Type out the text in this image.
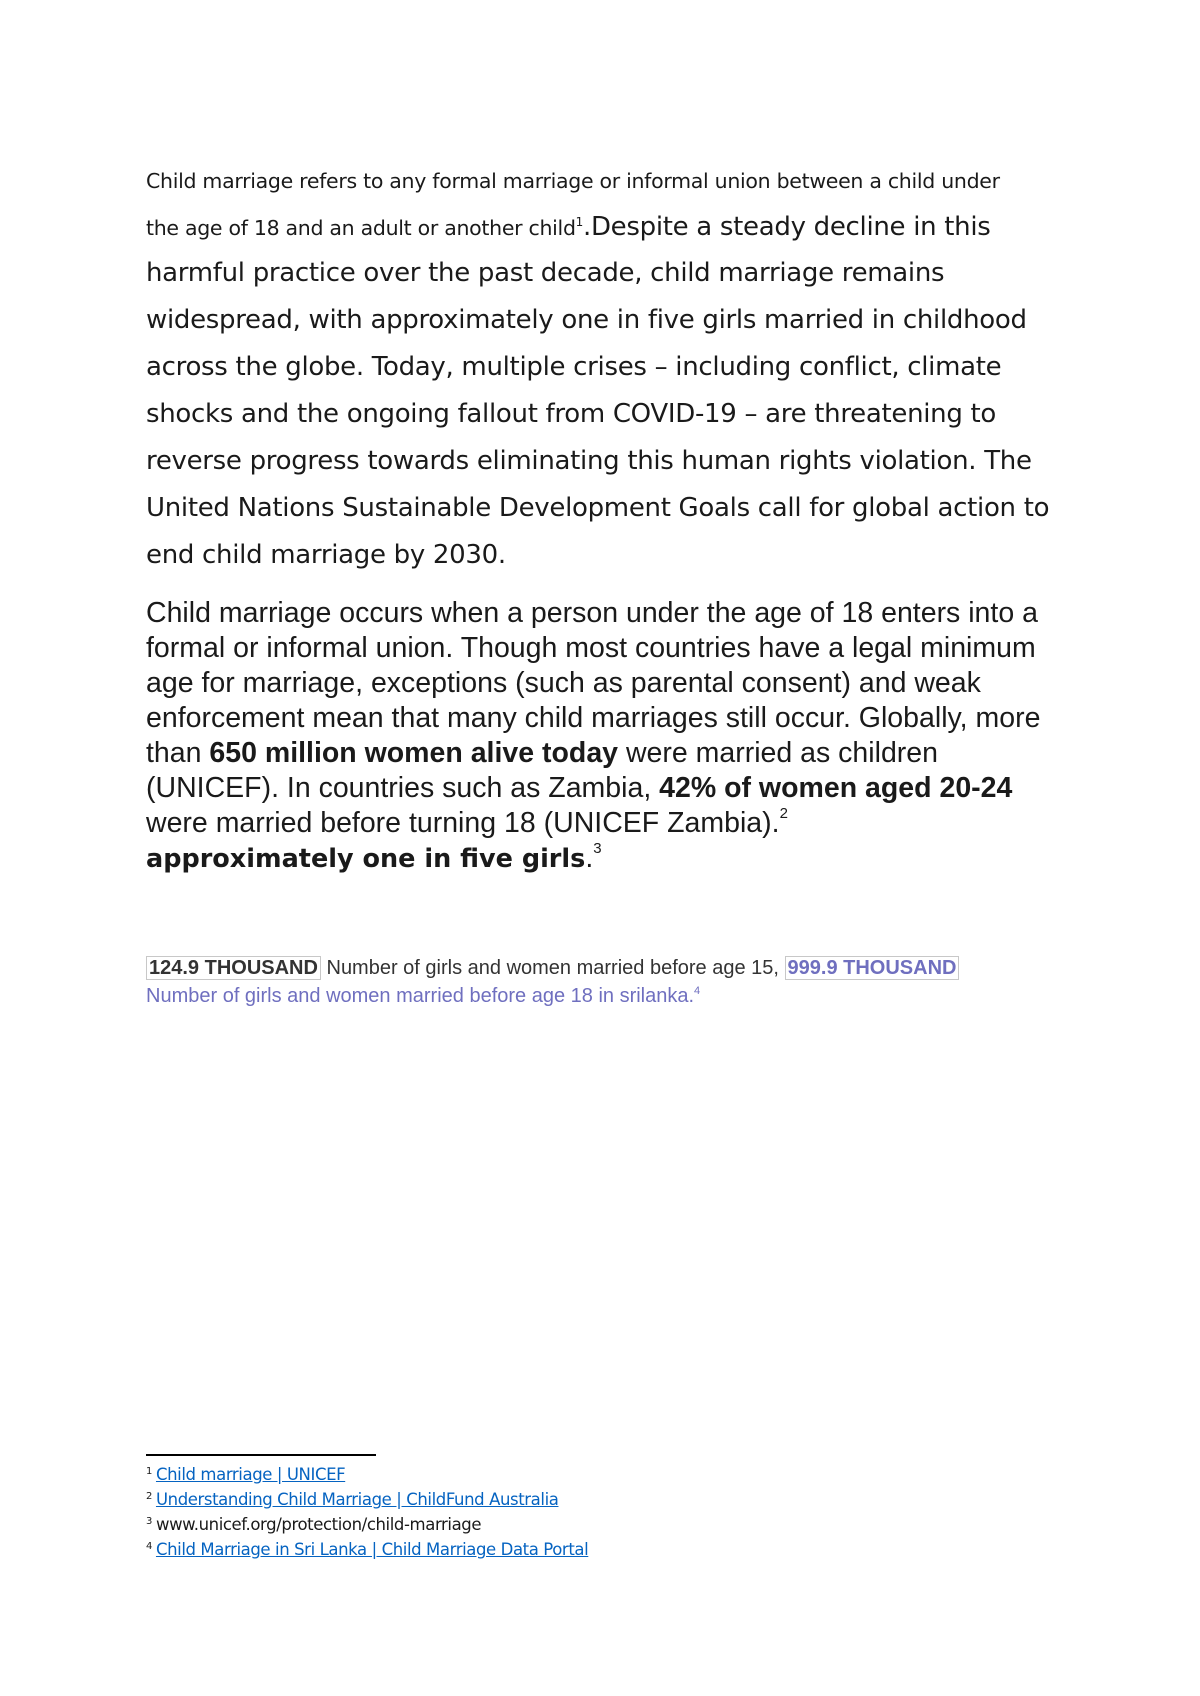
Child marriage refers to any formal marriage or informal union between a child under
the age of 18 and an adult or another child$^1$.Despite a steady decline in this
harmful practice over the past decade, child marriage remains widespread, with approximately one in five girls married in childhood across the globe. Today, multiple crises – including conflict, climate shocks and the ongoing fallout from COVID-19 – are threatening to reverse progress towards eliminating this human rights violation. The United Nations Sustainable Development Goals call for global action to end child marriage by 2030.
Child marriage occurs when a person under the age of 18 enters into a formal or informal union. Though most countries have a legal minimum age for marriage, exceptions (such as parental consent) and weak enforcement mean that many child marriages still occur. Globally, more than 650 million women alive today were married as children (UNICEF). In countries such as Zambia, 42% of women aged 20-24 were married before turning 18 (UNICEF Zambia).$^2$
approximately one in five girls.$^3$
124.9 THOUSAND Number of girls and women married before age 15, 999.9 THOUSAND
Number of girls and women married before age 18 in srilanka.$^4$
$^1$ Child marriage | UNICEF
$^2$ Understanding Child Marriage | ChildFund Australia
$^3$ www.unicef.org/protection/child-marriage
$^4$ Child Marriage in Sri Lanka | Child Marriage Data Portal
